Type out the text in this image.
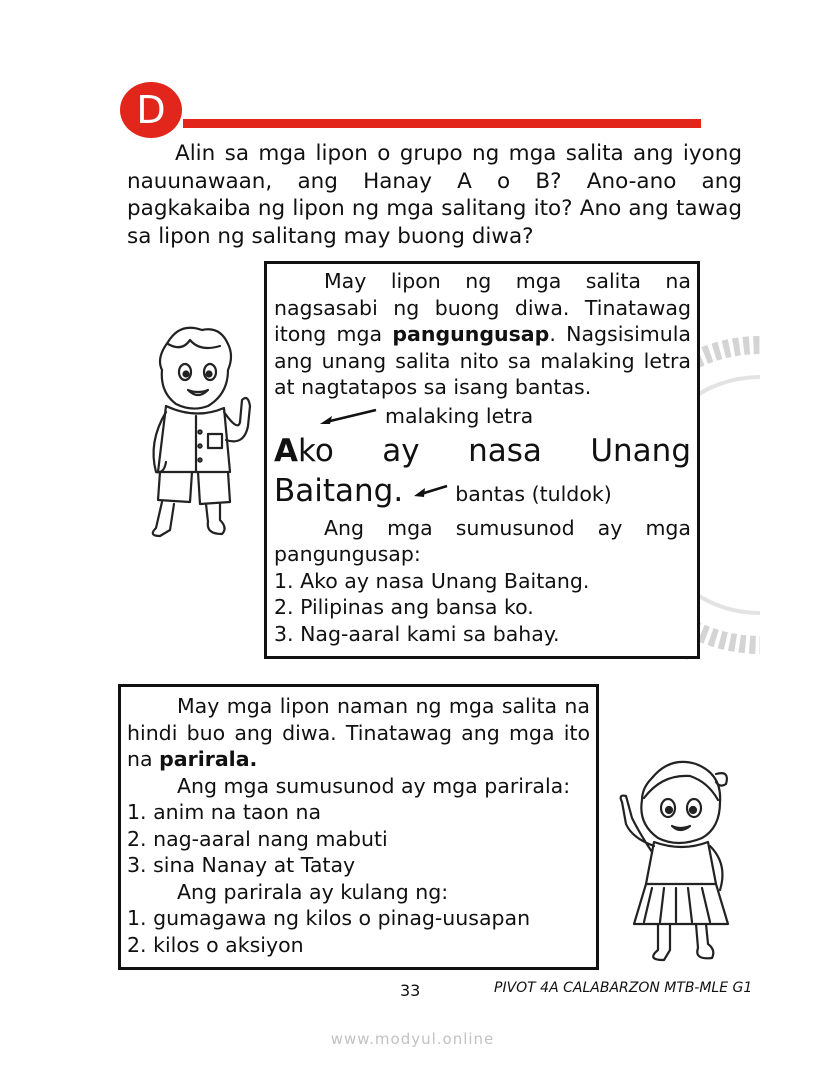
D
Alin sa mga lipon o grupo ng mga salita ang iyong nauunawaan, ang Hanay A o B? Ano-ano ang pagkakaiba ng lipon ng mga salitang ito? Ano ang tawag sa lipon ng salitang may buong diwa?
May lipon ng mga salita na nagsasabi ng buong diwa. Tinatawag itong mga pangungusap. Nagsisimula ang unang salita nito sa malaking letra at nagtatapos sa isang bantas.
malaking letra
Ako ay nasa Unang
Baitang.	bantas (tuldok)
Ang mga sumusunod ay mga pangungusap:
1. Ako ay nasa Unang Baitang.
2. Pilipinas ang bansa ko.
3. Nag-aaral kami sa bahay.
May mga lipon naman ng mga salita na hindi buo ang diwa. Tinatawag ang mga ito na parirala.
Ang mga sumusunod ay mga parirala:
1. anim na taon na
2. nag-aaral nang mabuti
3. sina Nanay at Tatay
Ang parirala ay kulang ng:
1. gumagawa ng kilos o pinag-uusapan
2. kilos o aksiyon
33	PIVOT 4A CALABARZON MTB-MLE G1
www.modyul.online
